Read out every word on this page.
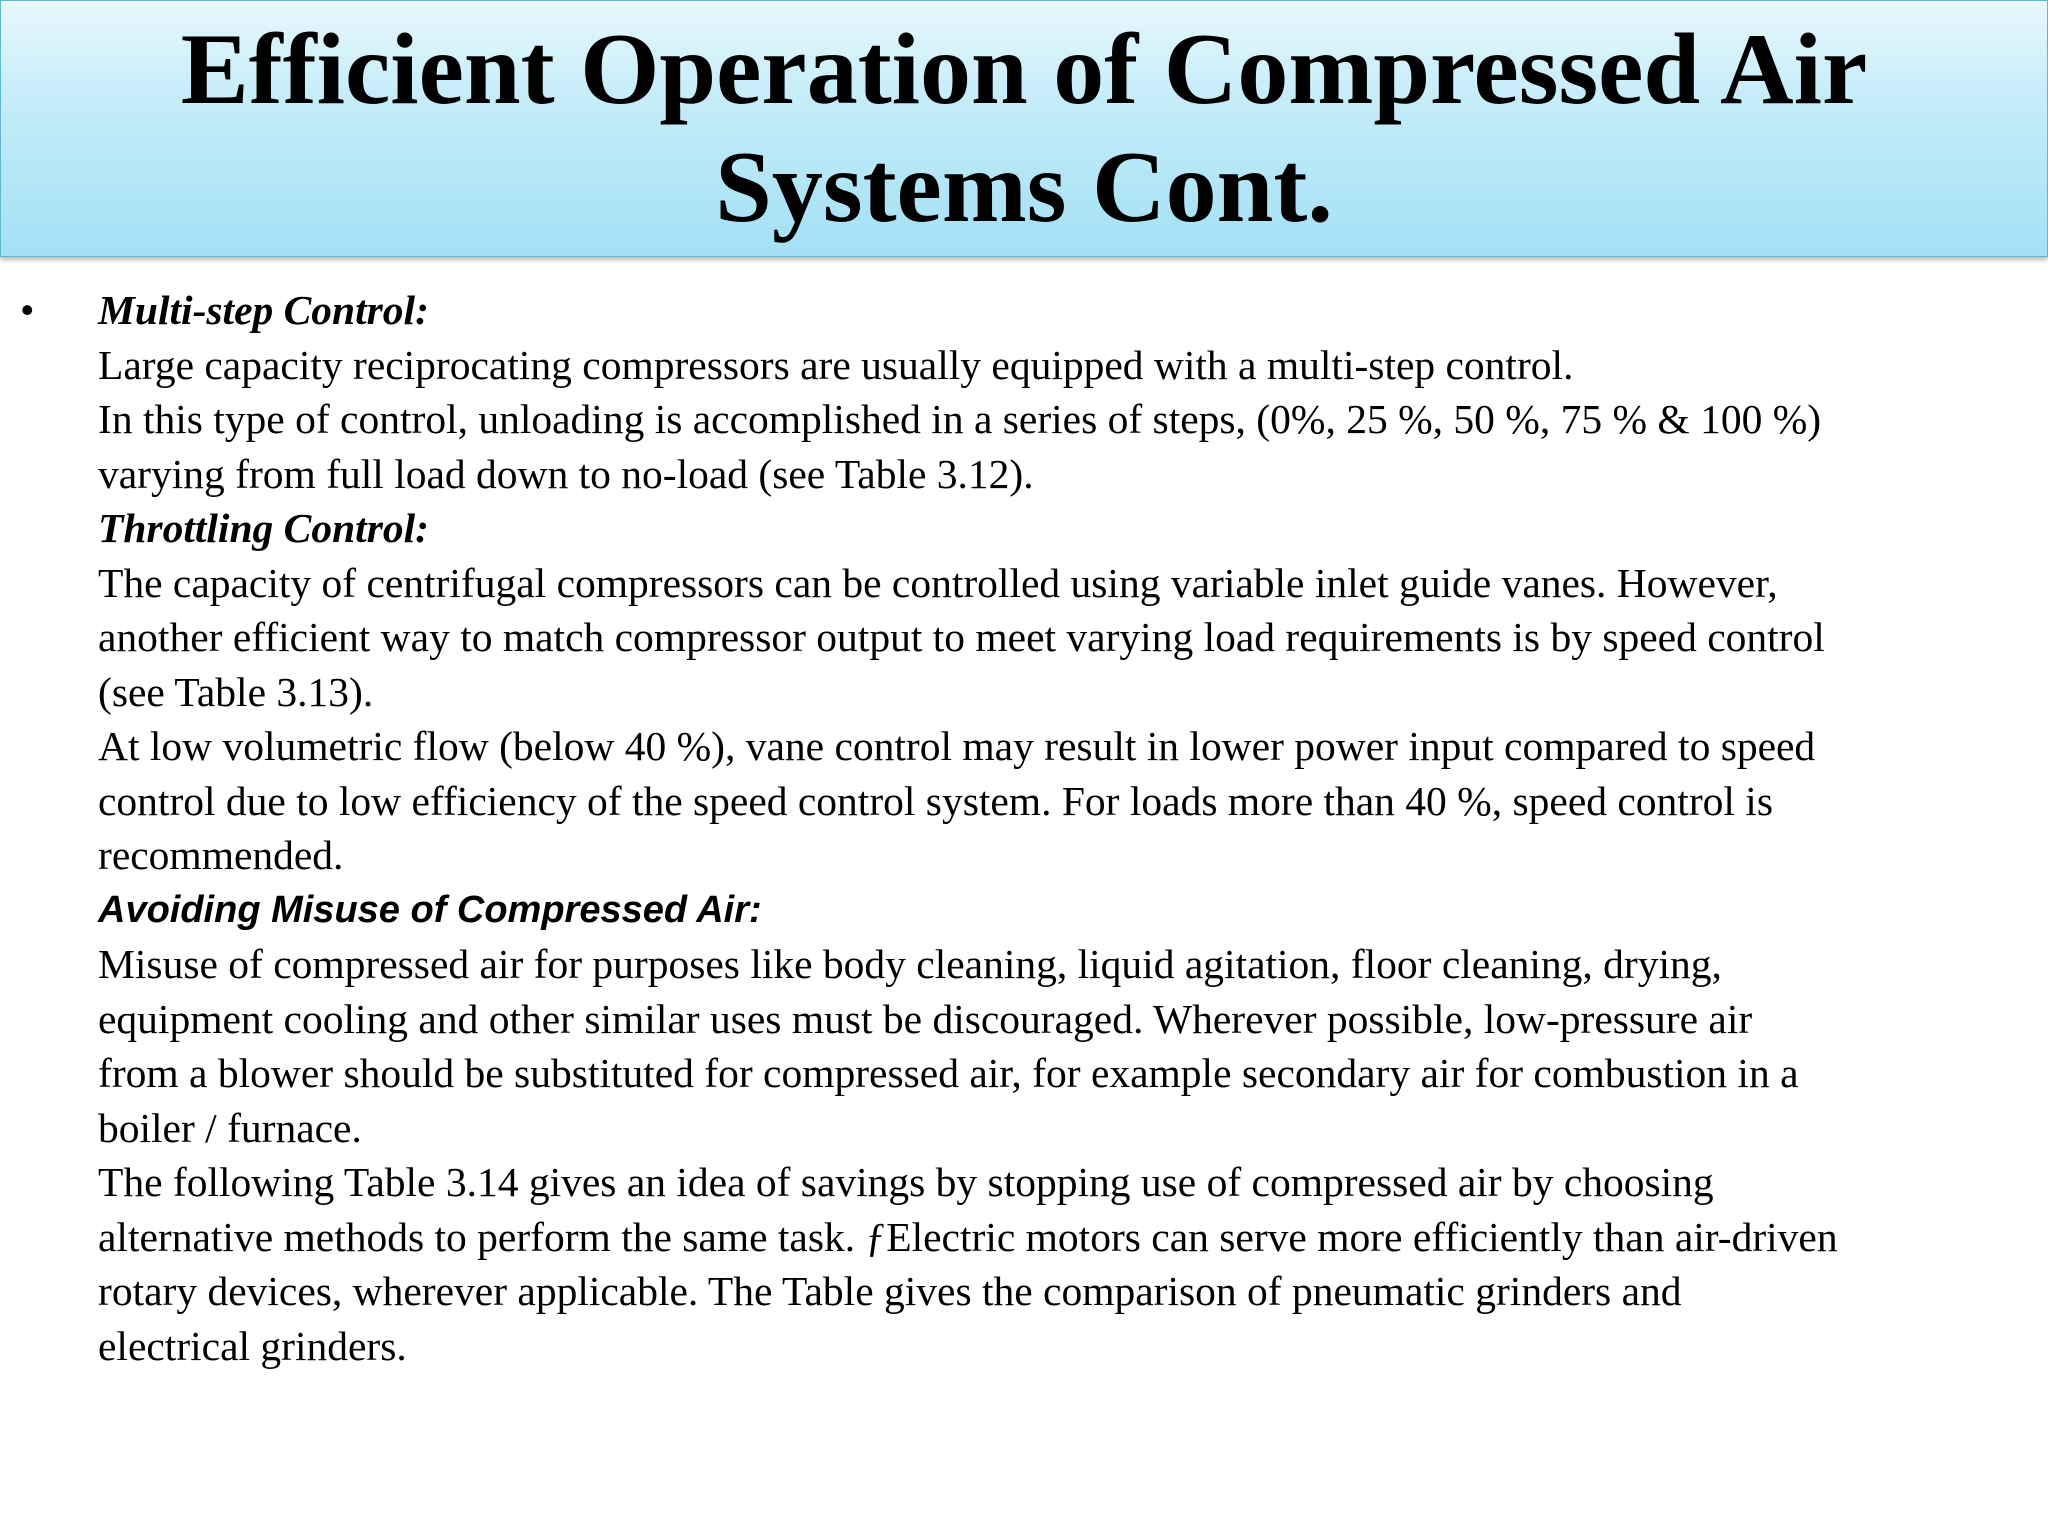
Efficient Operation of Compressed Air
Systems Cont.
• Multi-step Control:
Large capacity reciprocating compressors are usually equipped with a multi-step control.
In this type of control, unloading is accomplished in a series of steps, (0%, 25 %, 50 %, 75 % & 100 %)
varying from full load down to no-load (see Table 3.12).
Throttling Control:
The capacity of centrifugal compressors can be controlled using variable inlet guide vanes. However,
another efficient way to match compressor output to meet varying load requirements is by speed control
(see Table 3.13).
At low volumetric flow (below 40 %), vane control may result in lower power input compared to speed
control due to low efficiency of the speed control system. For loads more than 40 %, speed control is
recommended.
Avoiding Misuse of Compressed Air:
Misuse of compressed air for purposes like body cleaning, liquid agitation, floor cleaning, drying,
equipment cooling and other similar uses must be discouraged. Wherever possible, low-pressure air
from a blower should be substituted for compressed air, for example secondary air for combustion in a
boiler / furnace.
The following Table 3.14 gives an idea of savings by stopping use of compressed air by choosing
alternative methods to perform the same task. ƒElectric motors can serve more efficiently than air-driven
rotary devices, wherever applicable. The Table gives the comparison of pneumatic grinders and
electrical grinders.
